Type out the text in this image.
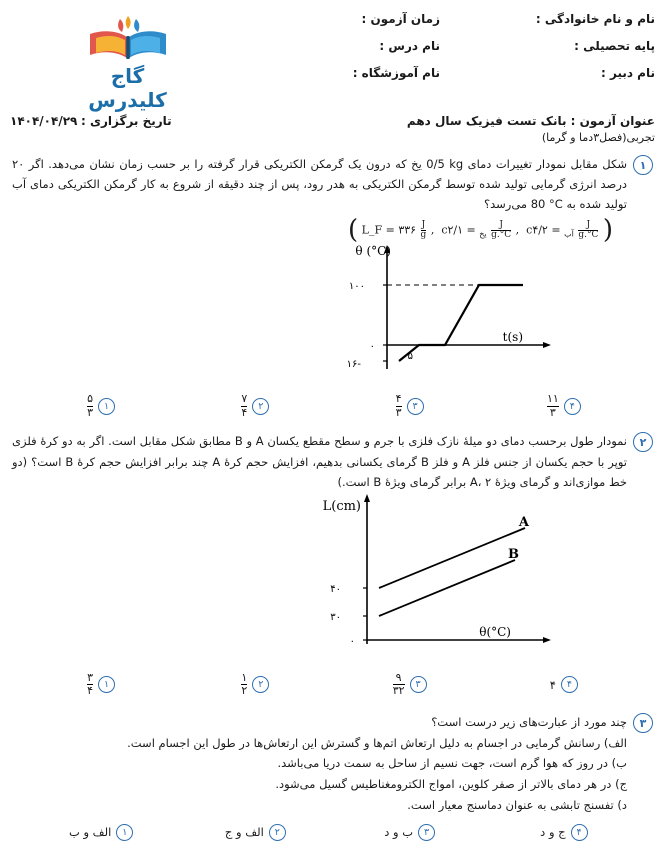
نام و نام خانوادگی :
پایه تحصیلی :
نام دبیر :
زمان آزمون :
نام درس :
نام آموزشگاه :
گاج کلیدرس
عنوان آزمون : بانک تست فیزیک سال دهم
تاریخ برگزاری : ۱۴۰۴/۰۴/۲۹
تجربی(فصل۳دما و گرما)
۱
شکل مقابل نمودار تغییرات دمای ‎0/5 kg‎ یخ که درون یک گرمکن الکتریکی قرار گرفته را بر حسب زمان نشان می‌دهد. اگر ۲۰ درصد انرژی گرمایی تولید شده توسط گرمکن الکتریکی به هدر رود، پس از چند دقیقه از شروع به کار گرمکن الکتریکی دمای آب تولید شده به ‎80 °C‎ می‌رسد؟
( L_F = ۳۳۶ $\frac{J}{g}$ ,  c	$_{یخ}$ = ۲/۱	$\frac{J}{g.^\circ C}$ ,  c	$_{آب}$ = ۴/۲	$\frac{J}{g.^\circ C}$ )
θ (°C)
t(s)
۱۰۰
۰
-۱۶
۵
۴
$\frac{۱۱}{۳}$
۳
$\frac{۴}{۳}$
۲
$\frac{۷}{۴}$
۱
$\frac{۵}{۳}$
۲
نمودار طول برحسب دمای دو میلۀ نازک فلزی با جرم و سطح مقطع یکسان A و B مطابق شکل مقابل است. اگر به دو کرۀ فلزی توپر با حجم یکسان از جنس فلز A و فلز B گرمای یکسانی بدهیم، افزایش حجم کرۀ A چند برابر افزایش حجم کرۀ B است؟ (دو خط موازی‌اند و گرمای ویژۀ A، ۲ برابر گرمای ویژۀ B است.)
L(cm)
θ(°C)
۴۰
۳۰
۰
A
B
۴
۴
۳
$\frac{۹}{۳۲}$
۲
$\frac{۱}{۲}$
۱
$\frac{۳}{۴}$
۳
چند مورد از عبارت‌های زیر درست است؟
الف) رسانش گرمایی در اجسام به دلیل ارتعاش اتم‌ها و گسترش این ارتعاش‌ها در طول این اجسام است.
ب) در روز که هوا گرم است، جهت نسیم از ساحل به سمت دریا می‌باشد.
ج) در هر دمای بالاتر از صفر کلوین، امواج الکترومغناطیس گسیل می‌شود.
د) تفسنج تابشی به عنوان دماسنج معیار است.
۴
ج و د
۳
ب و د
۲
الف و ج
۱
الف و ب
